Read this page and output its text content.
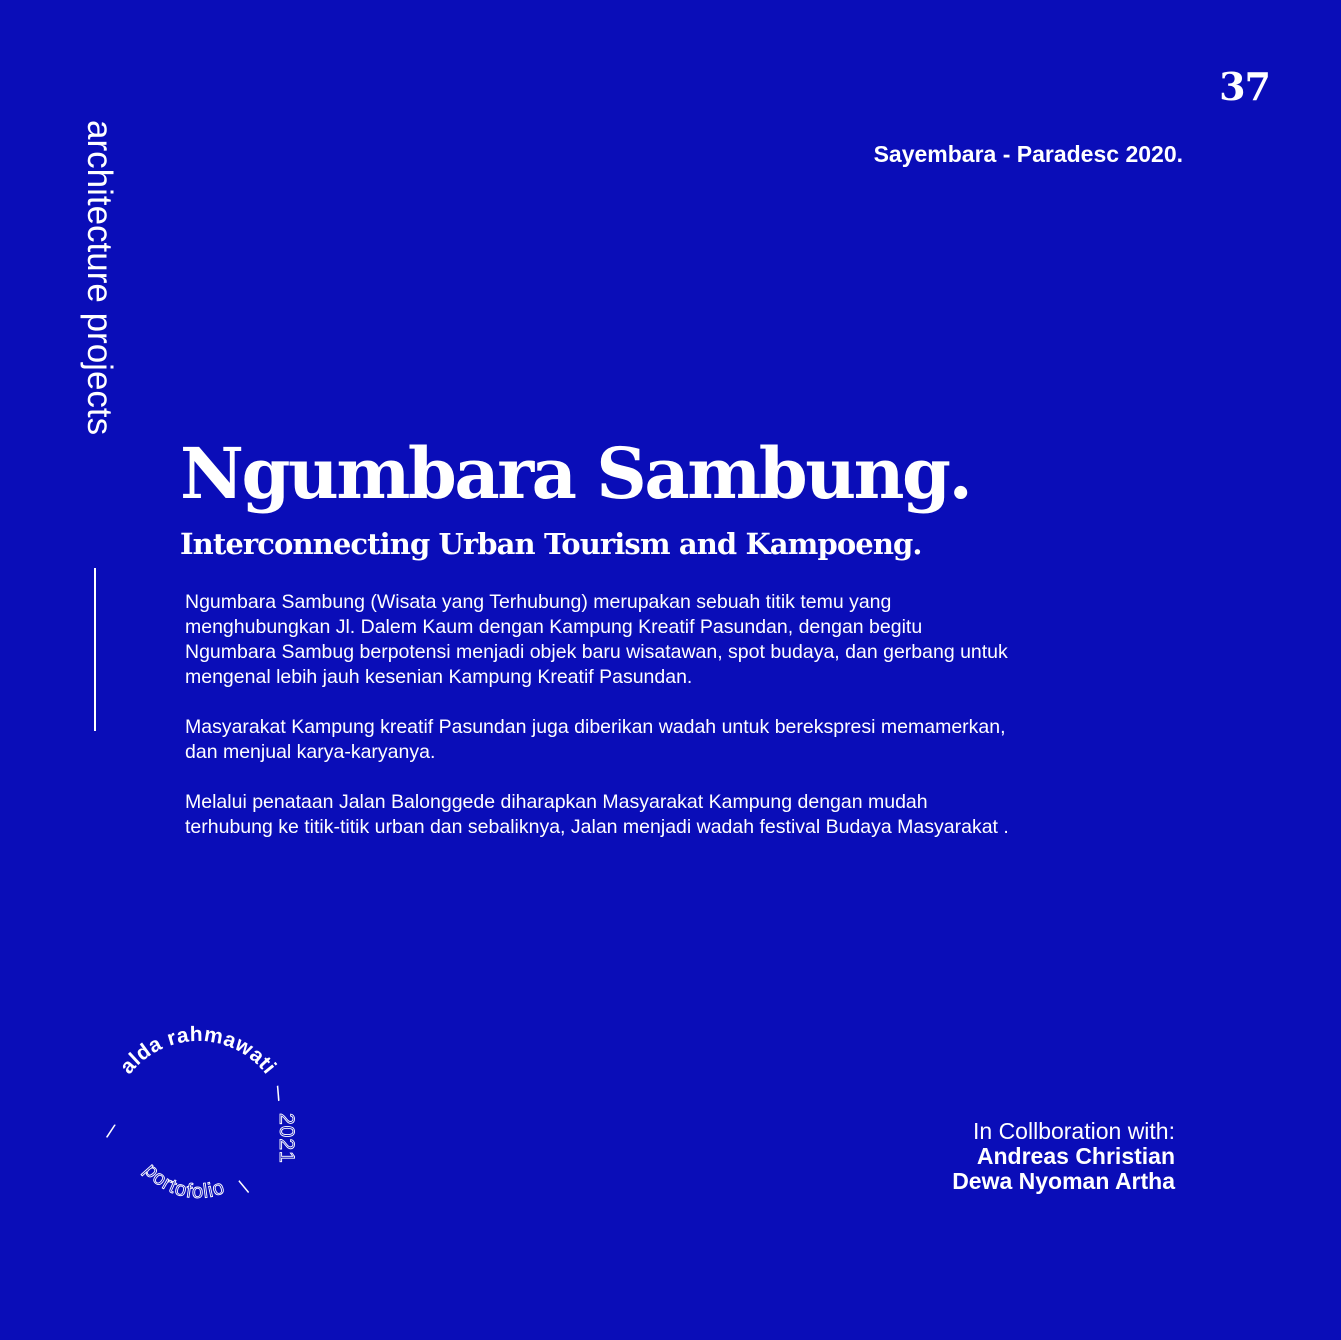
37
Sayembara - Paradesc 2020.
architecture projects
Ngumbara Sambung.
Interconnecting Urban Tourism and Kampoeng.

Ngumbara Sambung (Wisata yang Terhubung) merupakan sebuah titik temu yang menghubungkan Jl. Dalem Kaum dengan Kampung Kreatif Pasundan, dengan begitu Ngumbara Sambug berpotensi menjadi objek baru wisatawan, spot budaya, dan gerbang untuk mengenal lebih jauh kesenian Kampung Kreatif Pasundan.

Masyarakat Kampung kreatif Pasundan juga diberikan wadah untuk berekspresi memamerkan, dan menjual karya-karyanya.

Melalui penataan Jalan Balonggede diharapkan Masyarakat Kampung dengan mudah terhubung ke titik-titik urban dan sebaliknya, Jalan menjadi wadah festival Budaya Masyarakat .

In Collboration with:
Andreas Christian
Dewa Nyoman Artha
alda rahmawati
/
/
/
2021
portofolio
